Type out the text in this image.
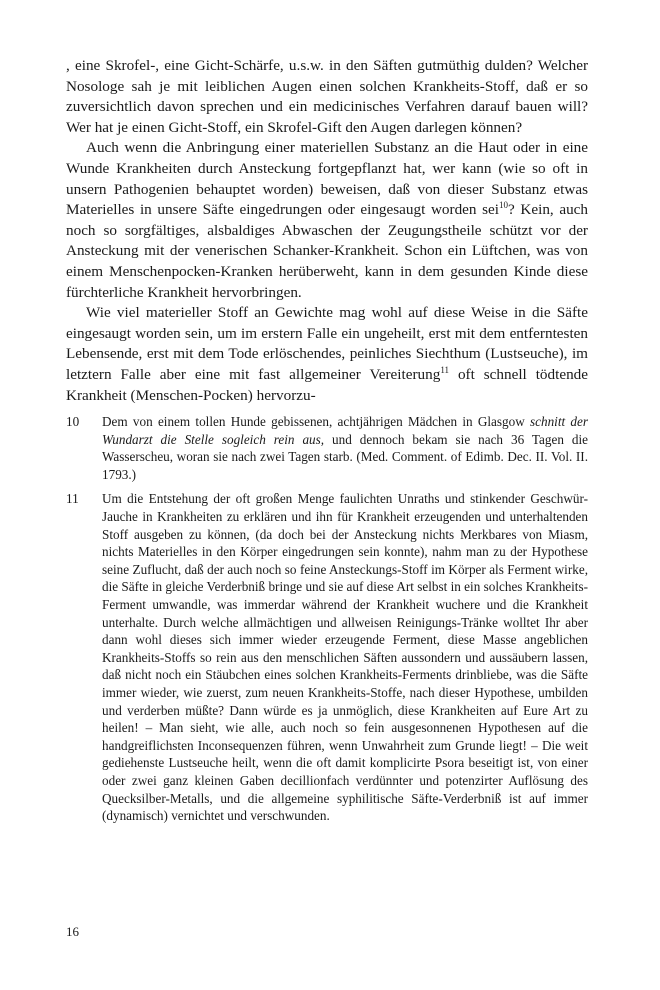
, eine Skrofel-, eine Gicht-Schärfe, u.s.w. in den Säften gutmüthig dulden? Welcher Nosologe sah je mit leiblichen Augen einen solchen Krankheits-Stoff, daß er so zuversichtlich davon sprechen und ein medicinisches Verfahren darauf bauen will? Wer hat je einen Gicht-Stoff, ein Skrofel-Gift den Augen darlegen können?

Auch wenn die Anbringung einer materiellen Substanz an die Haut oder in eine Wunde Krankheiten durch Ansteckung fortgepflanzt hat, wer kann (wie so oft in unsern Pathogenien behauptet worden) beweisen, daß von dieser Substanz etwas Materielles in unsere Säfte eingedrungen oder eingesaugt worden sei$^{10}$? Kein, auch noch so sorgfältiges, alsbaldiges Abwaschen der Zeugungstheile schützt vor der Ansteckung mit der venerischen Schanker-Krankheit. Schon ein Lüftchen, was von einem Menschenpocken-Kranken herüberweht, kann in dem gesunden Kinde diese fürchterliche Krankheit hervorbringen.

Wie viel materieller Stoff an Gewichte mag wohl auf diese Weise in die Säfte eingesaugt worden sein, um im erstern Falle ein ungeheilt, erst mit dem entferntesten Lebensende, erst mit dem Tode erlöschendes, peinliches Siechthum (Lustseuche), im letztern Falle aber eine mit fast allgemeiner Vereiterung$^{11}$ oft schnell tödtende Krankheit (Menschen-Pocken) hervorzu-

10	Dem von einem tollen Hunde gebissenen, achtjährigen Mädchen in Glasgow schnitt der Wundarzt die Stelle sogleich rein aus, und dennoch bekam sie nach 36 Tagen die Wasserscheu, woran sie nach zwei Tagen starb. (Med. Comment. of Edimb. Dec. II. Vol. II. 1793.)
11	Um die Entstehung der oft großen Menge faulichten Unraths und stinkender Geschwür-Jauche in Krankheiten zu erklären und ihn für Krankheit erzeugenden und unterhaltenden Stoff ausgeben zu können, (da doch bei der Ansteckung nichts Merkbares von Miasm, nichts Materielles in den Körper eingedrungen sein konnte), nahm man zu der Hypothese seine Zuflucht, daß der auch noch so feine Ansteckungs-Stoff im Körper als Ferment wirke, die Säfte in gleiche Verderbniß bringe und sie auf diese Art selbst in ein solches Krankheits-Ferment umwandle, was immerdar während der Krankheit wuchere und die Krankheit unterhalte. Durch welche allmächtigen und allweisen Reinigungs-Tränke wolltet Ihr aber dann wohl dieses sich immer wieder erzeugende Ferment, diese Masse angeblichen Krankheits-Stoffs so rein aus den menschlichen Säften aussondern und aussäubern lassen, daß nicht noch ein Stäubchen eines solchen Krankheits-Ferments drinbliebe, was die Säfte immer wieder, wie zuerst, zum neuen Krankheits-Stoffe, nach dieser Hypothese, umbilden und verderben müßte? Dann würde es ja unmöglich, diese Krankheiten auf Eure Art zu heilen! – Man sieht, wie alle, auch noch so fein ausgesonnenen Hypothesen auf die handgreiflichsten Inconsequenzen führen, wenn Unwahrheit zum Grunde liegt! – Die weit gediehenste Lustseuche heilt, wenn die oft damit komplicirte Psora beseitigt ist, von einer oder zwei ganz kleinen Gaben decillionfach verdünnter und potenzirter Auflösung des Quecksilber-Metalls, und die allgemeine syphilitische Säfte-Verderbniß ist auf immer (dynamisch) vernichtet und verschwunden.
16
